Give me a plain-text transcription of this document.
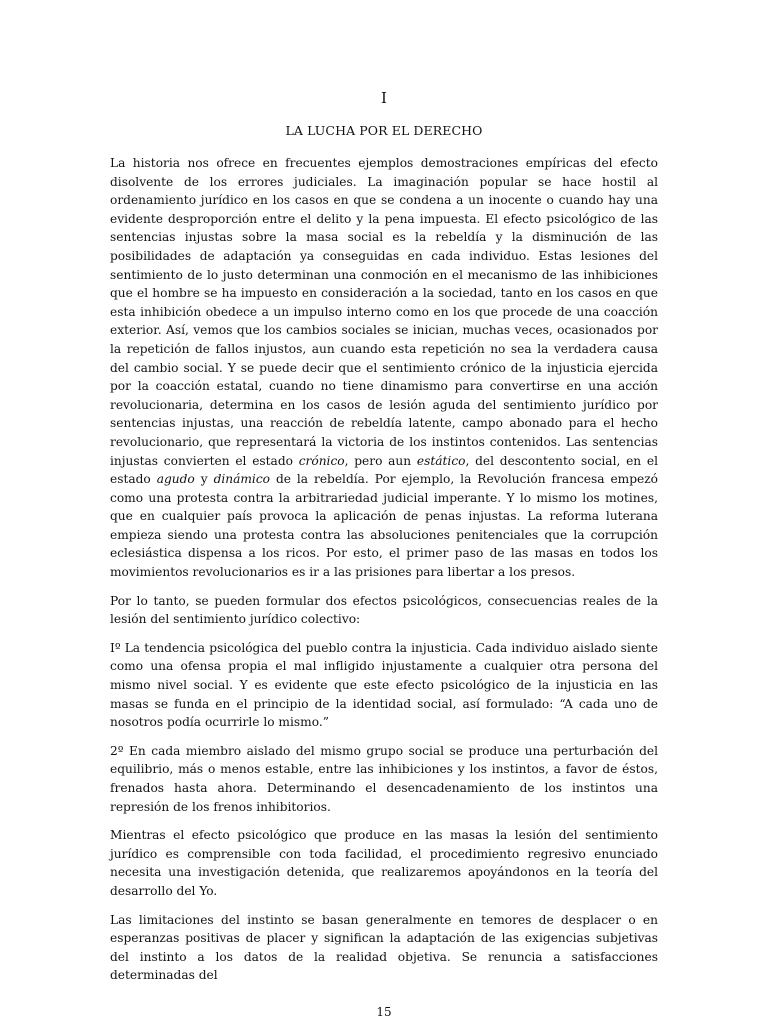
I
LA LUCHA POR EL DERECHO

La historia nos ofrece en frecuentes ejemplos demostraciones empíricas del efecto disolvente de los errores judiciales. La imaginación popular se hace hostil al ordenamiento jurídico en los casos en que se condena a un inocente o cuando hay una evidente desproporción entre el delito y la pena impuesta. El efecto psicológico de las sentencias injustas sobre la masa social es la rebeldía y la disminución de las posibilidades de adaptación ya conseguidas en cada individuo. Estas lesiones del sentimiento de lo justo determinan una conmoción en el mecanismo de las inhibiciones que el hombre se ha impuesto en consideración a la sociedad, tanto en los casos en que esta inhibición obedece a un impulso interno como en los que procede de una coacción exterior. Así, vemos que los cambios sociales se inician, muchas veces, ocasionados por la repetición de fallos injustos, aun cuando esta repetición no sea la verdadera causa del cambio social. Y se puede decir que el sentimiento crónico de la injusticia ejercida por la coacción estatal, cuando no tiene dinamismo para convertirse en una acción revolucionaria, determina en los casos de lesión aguda del sentimiento jurídico por sentencias injustas, una reacción de rebeldía latente, campo abonado para el hecho revolucionario, que representará la victoria de los instintos contenidos. Las sentencias injustas convierten el estado crónico, pero aun estático, del descontento social, en el estado agudo y dinámico de la rebeldía. Por ejemplo, la Revolución francesa empezó como una protesta contra la arbitrariedad judicial imperante. Y lo mismo los motines, que en cualquier país provoca la aplicación de penas injustas. La reforma luterana empieza siendo una protesta contra las absoluciones penitenciales que la corrupción eclesiástica dispensa a los ricos. Por esto, el primer paso de las masas en todos los movimientos revolucionarios es ir a las prisiones para libertar a los presos.

Por lo tanto, se pueden formular dos efectos psicológicos, consecuencias reales de la lesión del sentimiento jurídico colectivo:

Iº La tendencia psicológica del pueblo contra la injusticia. Cada individuo aislado siente como una ofensa propia el mal infligido injustamente a cualquier otra persona del mismo nivel social. Y es evidente que este efecto psicológico de la injusticia en las masas se funda en el principio de la identidad social, así formulado: “A cada uno de nosotros podía ocurrirle lo mismo.”

2º En cada miembro aislado del mismo grupo social se produce una perturbación del equilibrio, más o menos estable, entre las inhibiciones y los instintos, a favor de éstos, frenados hasta ahora. Determinando el desencadenamiento de los instintos una represión de los frenos inhibitorios.

Mientras el efecto psicológico que produce en las masas la lesión del sentimiento jurídico es comprensible con toda facilidad, el procedimiento regresivo enunciado necesita una investigación detenida, que realizaremos apoyándonos en la teoría del desarrollo del Yo.

Las limitaciones del instinto se basan generalmente en temores de desplacer o en esperanzas positivas de placer y significan la adaptación de las exigencias subjetivas del instinto a los datos de la realidad objetiva. Se renuncia a satisfacciones determinadas del

15
